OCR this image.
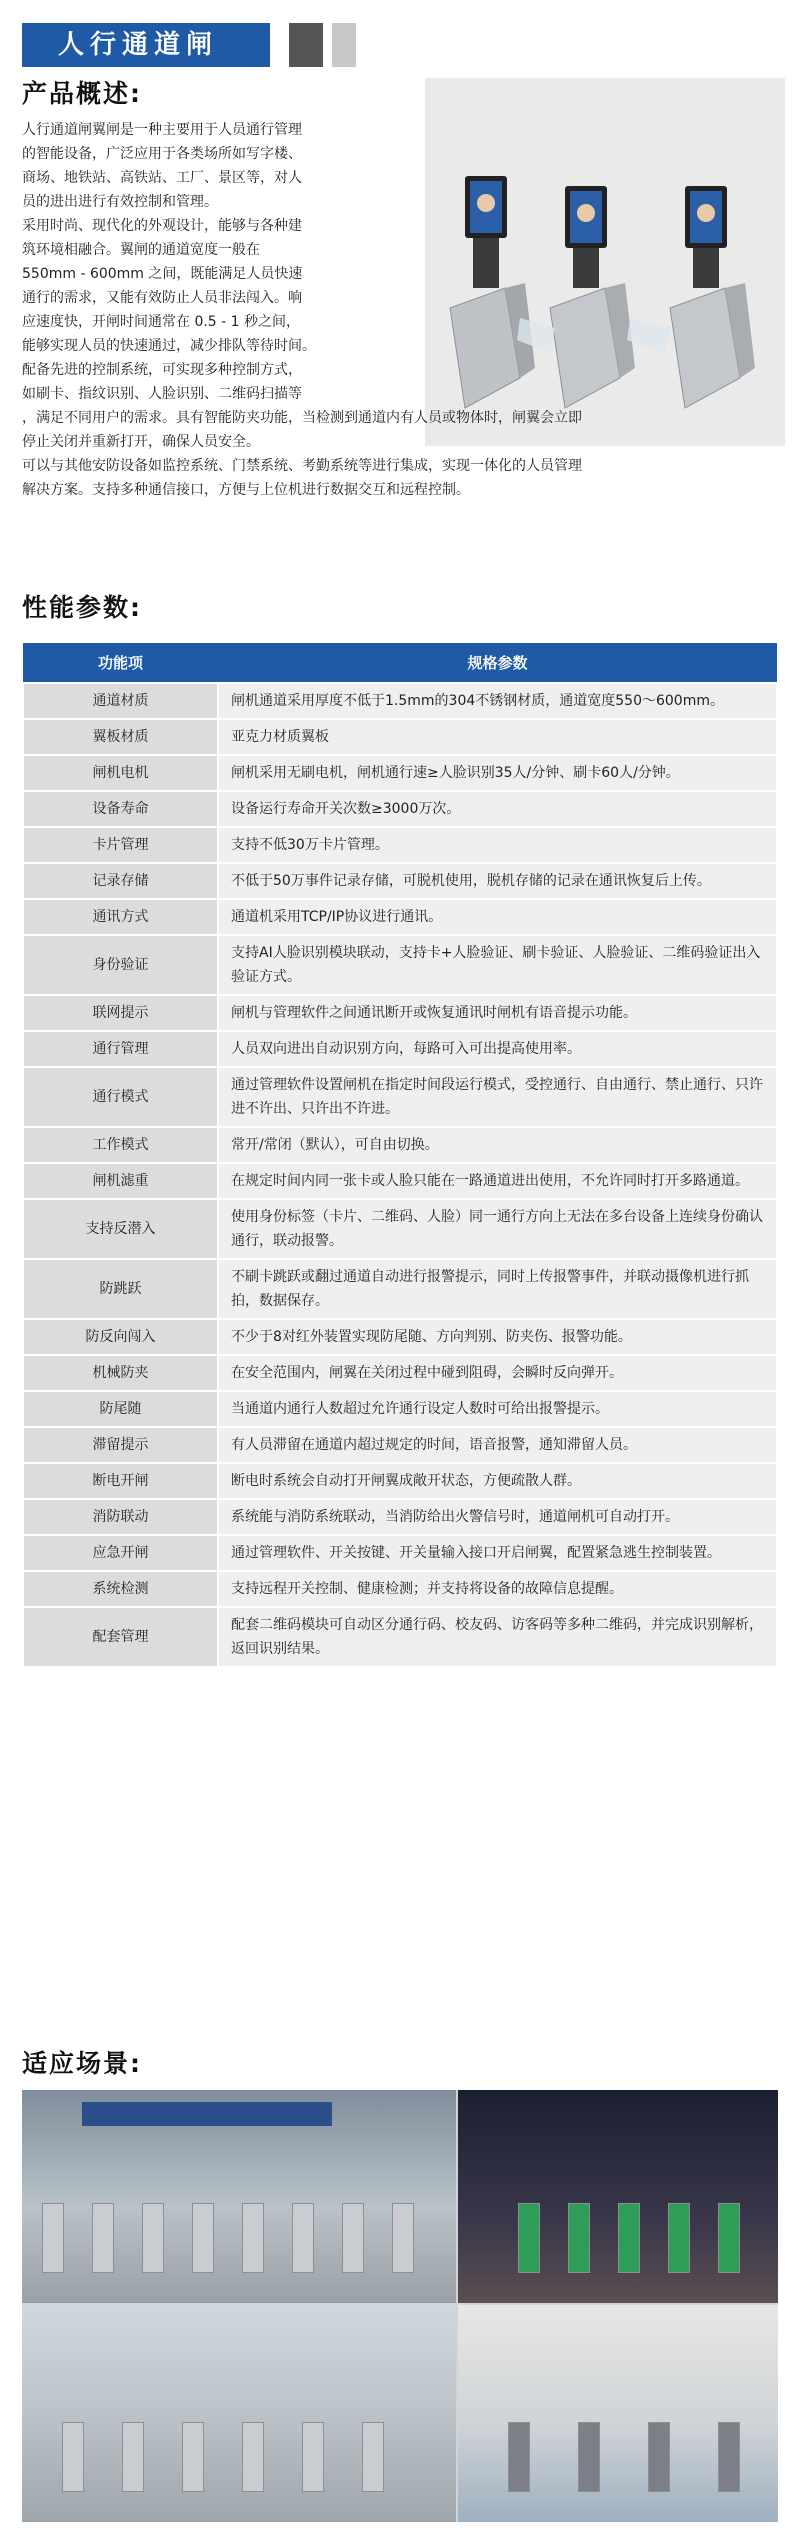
人行通道闸
产品概述:

人行通道闸翼闸是一种主要用于人员通行管理

的智能设备，广泛应用于各类场所如写字楼、

商场、地铁站、高铁站、工厂、景区等，对人

员的进出进行有效控制和管理。

采用时尚、现代化的外观设计，能够与各种建

筑环境相融合。翼闸的通道宽度一般在

550mm - 600mm 之间，既能满足人员快速

通行的需求，又能有效防止人员非法闯入。响

应速度快，开闸时间通常在 0.5 - 1 秒之间，

能够实现人员的快速通过，减少排队等待时间。

配备先进的控制系统，可实现多种控制方式，

如刷卡、指纹识别、人脸识别、二维码扫描等

，满足不同用户的需求。具有智能防夹功能，当检测到通道内有人员或物体时，闸翼会立即

停止关闭并重新打开，确保人员安全。

可以与其他安防设备如监控系统、门禁系统、考勤系统等进行集成，实现一体化的人员管理

解决方案。支持多种通信接口，方便与上位机进行数据交互和远程控制。

性能参数:
功能项	规格参数
通道材质	闸机通道采用厚度不低于1.5mm的304不锈钢材质，通道宽度550～600mm。
翼板材质	亚克力材质翼板
闸机电机	闸机采用无刷电机，闸机通行速≥人脸识别35人/分钟、刷卡60人/分钟。
设备寿命	设备运行寿命开关次数≥3000万次。
卡片管理	支持不低30万卡片管理。
记录存储	不低于50万事件记录存储，可脱机使用，脱机存储的记录在通讯恢复后上传。
通讯方式	通道机采用TCP/IP协议进行通讯。
身份验证	支持AI人脸识别模块联动，支持卡+人脸验证、刷卡验证、人脸验证、二维码验证出入验证方式。
联网提示	闸机与管理软件之间通讯断开或恢复通讯时闸机有语音提示功能。
通行管理	人员双向进出自动识别方向，每路可入可出提高使用率。
通行模式	通过管理软件设置闸机在指定时间段运行模式，受控通行、自由通行、禁止通行、只许进不许出、只许出不许进。
工作模式	常开/常闭（默认），可自由切换。
闸机滤重	在规定时间内同一张卡或人脸只能在一路通道进出使用，不允许同时打开多路通道。
支持反潜入	使用身份标签（卡片、二维码、人脸）同一通行方向上无法在多台设备上连续身份确认通行，联动报警。
防跳跃	不刷卡跳跃或翻过通道自动进行报警提示，同时上传报警事件，并联动摄像机进行抓拍，数据保存。
防反向闯入	不少于8对红外装置实现防尾随、方向判别、防夹伤、报警功能。
机械防夹	在安全范围内，闸翼在关闭过程中碰到阻碍，会瞬时反向弹开。
防尾随	当通道内通行人数超过允许通行设定人数时可给出报警提示。
滞留提示	有人员滞留在通道内超过规定的时间，语音报警，通知滞留人员。
断电开闸	断电时系统会自动打开闸翼成敞开状态，方便疏散人群。
消防联动	系统能与消防系统联动，当消防给出火警信号时，通道闸机可自动打开。
应急开闸	通过管理软件、开关按键、开关量输入接口开启闸翼，配置紧急逃生控制装置。
系统检测	支持远程开关控制、健康检测；并支持将设备的故障信息提醒。
配套管理	配套二维码模块可自动区分通行码、校友码、访客码等多种二维码，并完成识别解析，返回识别结果。
适应场景:
